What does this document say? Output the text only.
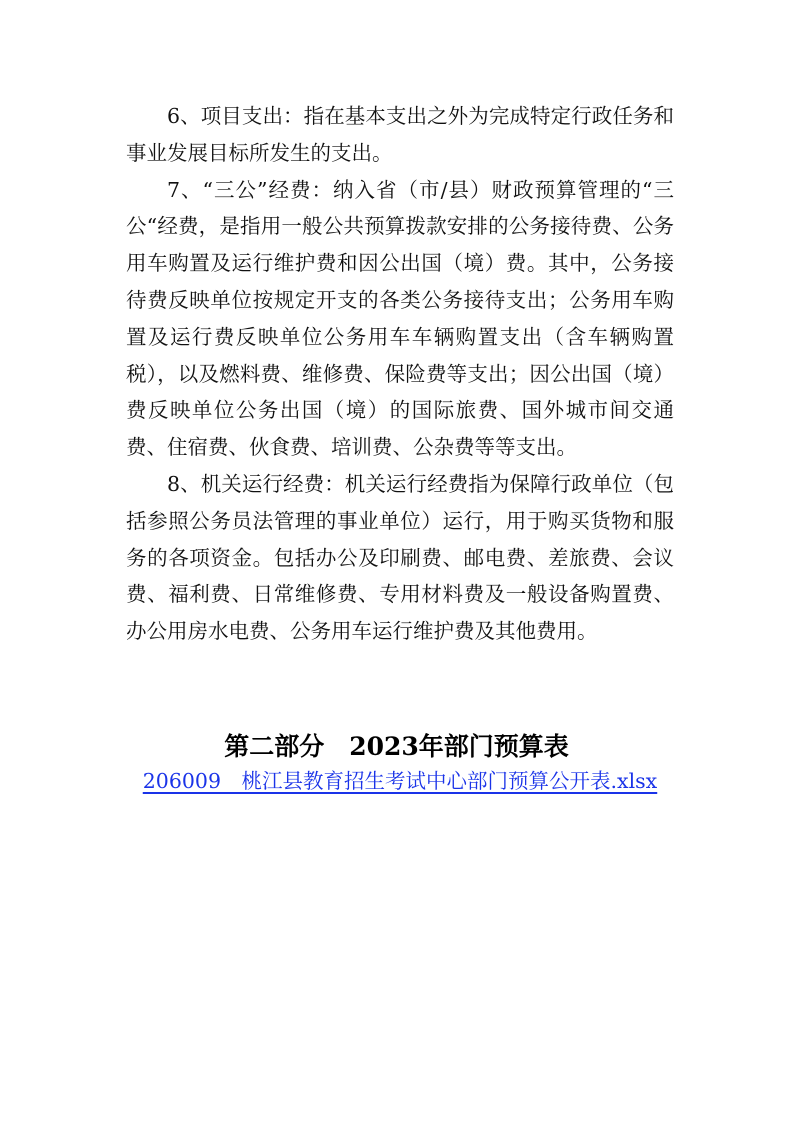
6、项目支出：指在基本支出之外为完成特定行政任务和事业发展目标所发生的支出。

7、“三公”经费：纳入省（市/县）财政预算管理的“三公“经费，是指用一般公共预算拨款安排的公务接待费、公务用车购置及运行维护费和因公出国（境）费。其中，公务接待费反映单位按规定开支的各类公务接待支出；公务用车购置及运行费反映单位公务用车车辆购置支出（含车辆购置税），以及燃料费、维修费、保险费等支出；因公出国（境）费反映单位公务出国（境）的国际旅费、国外城市间交通费、住宿费、伙食费、培训费、公杂费等等支出。

8、机关运行经费：机关运行经费指为保障行政单位（包括参照公务员法管理的事业单位）运行，用于购买货物和服务的各项资金。包括办公及印刷费、邮电费、差旅费、会议费、福利费、日常维修费、专用材料费及一般设备购置费、办公用房水电费、公务用车运行维护费及其他费用。

第二部分　2023年部门预算表
206009　桃江县教育招生考试中心部门预算公开表.xlsx
